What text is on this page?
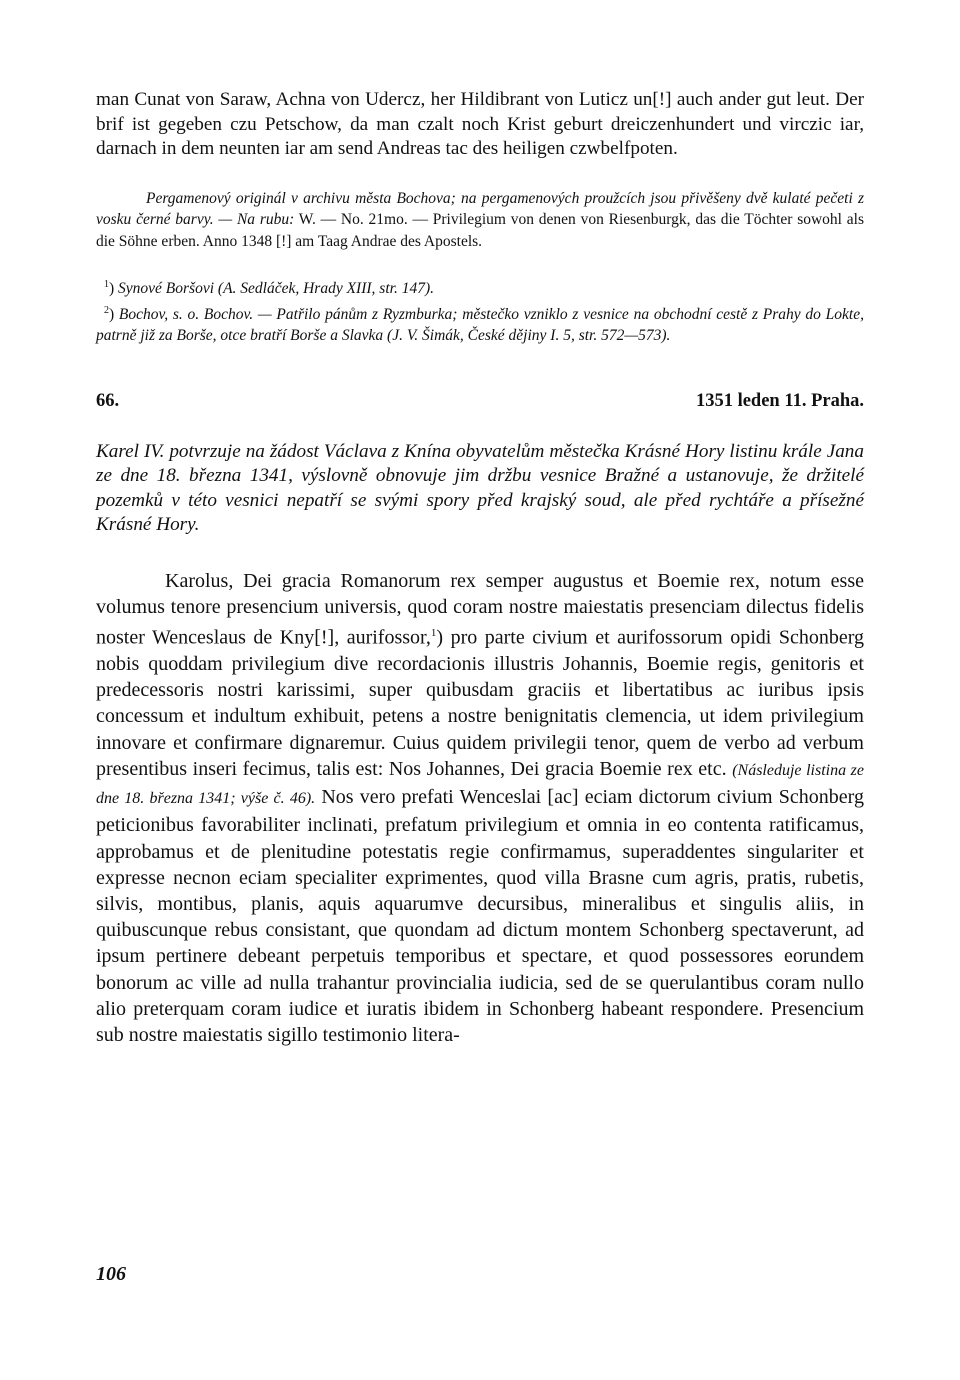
man Cunat von Saraw, Achna von Udercz, her Hildibrant von Luticz un[!] auch ander gut leut. Der brif ist gegeben czu Petschow, da man czalt noch Krist geburt dreiczenhundert und virczic iar, darnach in dem neunten iar am send Andreas tac des heiligen czwbelfpoten.

Pergamenový originál v archivu města Bochova; na pergamenových proužcích jsou přivěšeny dvě kulaté pečeti z vosku černé barvy. — Na rubu: W. — No. 21mo. — Privilegium von denen von Riesenburgk, das die Töchter sowohl als die Söhne erben. Anno 1348 [!] am Taag Andrae des Apostels.

$^1$) Synové Boršovi (A. Sedláček, Hrady XIII, str. 147).

$^2$) Bochov, s. o. Bochov. — Patřilo pánům z Ryzmburka; městečko vzniklo z vesnice na obchodní cestě z Prahy do Lokte, patrně již za Borše, otce bratří Borše a Slavka (J. V. Šimák, České dějiny I. 5, str. 572—573).

66.	1351 leden 11. Praha.

Karel IV. potvrzuje na žádost Václava z Knína obyvatelům městečka Krásné Hory listinu krále Jana ze dne 18. března 1341, výslovně obnovuje jim držbu vesnice Bražné a ustanovuje, že držitelé pozemků v této vesnici nepatří se svými spory před krajský soud, ale před rychtáře a přísežné Krásné Hory.

Karolus, Dei gracia Romanorum rex semper augustus et Boemie rex, notum esse volumus tenore presencium universis, quod coram nostre maiestatis presenciam dilectus fidelis noster Wenceslaus de Kny[!], aurifossor,$^1$) pro parte civium et aurifossorum opidi Schonberg nobis quoddam privilegium dive recordacionis illustris Johannis, Boemie regis, genitoris et predecessoris nostri karissimi, super quibusdam graciis et libertatibus ac iuribus ipsis concessum et indultum exhibuit, petens a nostre benignitatis clemencia, ut idem privilegium innovare et confirmare dignaremur. Cuius quidem privilegii tenor, quem de verbo ad verbum presentibus inseri fecimus, talis est: Nos Johannes, Dei gracia Boemie rex etc. (Následuje listina ze dne 18. března 1341; výše č. 46). Nos vero prefati Wenceslai [ac] eciam dictorum civium Schonberg peticionibus favorabiliter inclinati, prefatum privilegium et omnia in eo contenta ratificamus, approbamus et de plenitudine potestatis regie confirmamus, superaddentes singulariter et expresse necnon eciam specialiter exprimentes, quod villa Brasne cum agris, pratis, rubetis, silvis, montibus, planis, aquis aquarumve decursibus, mineralibus et singulis aliis, in quibuscunque rebus consistant, que quondam ad dictum montem Schonberg spectaverunt, ad ipsum pertinere debeant perpetuis temporibus et spectare, et quod possessores eorundem bonorum ac ville ad nulla trahantur provincialia iudicia, sed de se querulantibus coram nullo alio preterquam coram iudice et iuratis ibidem in Schonberg habeant respondere. Presencium sub nostre maiestatis sigillo testimonio litera-

106
